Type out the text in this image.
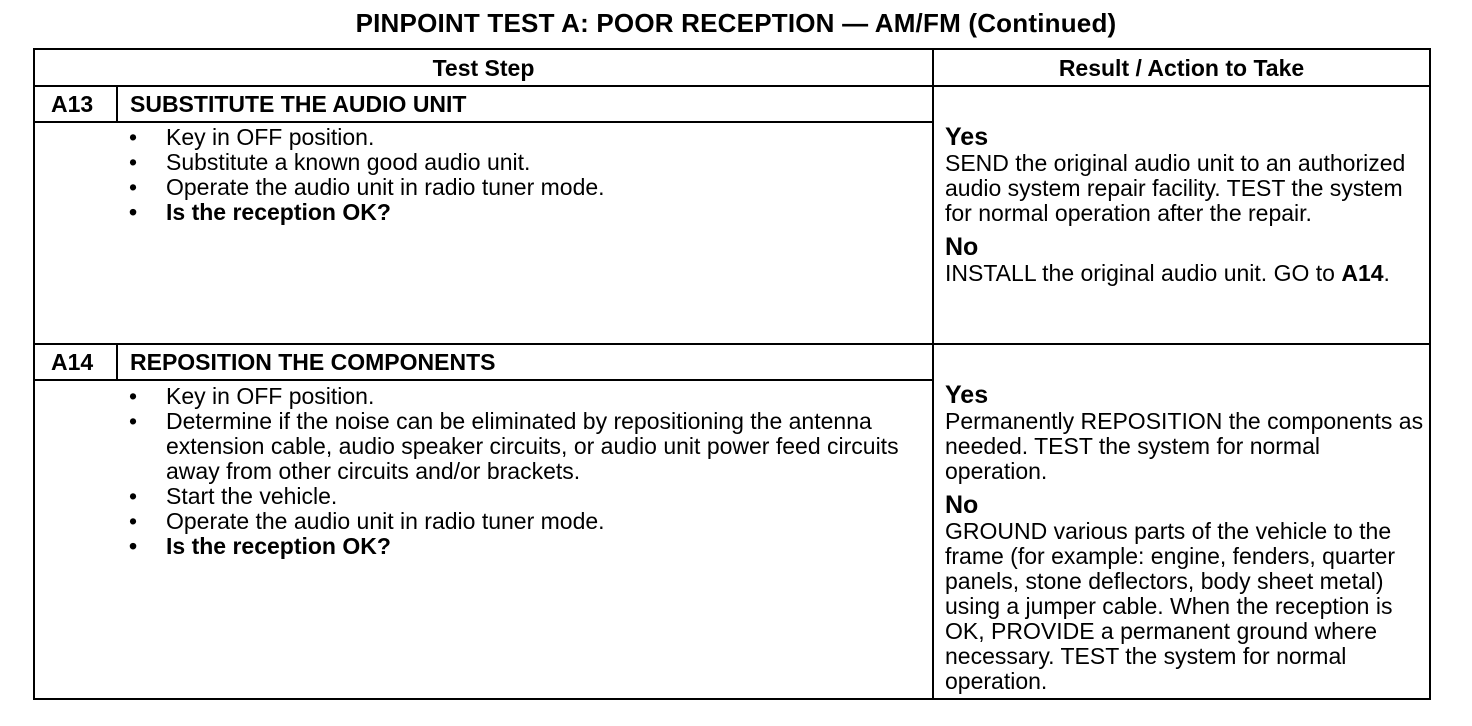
PINPOINT TEST A: POOR RECEPTION — AM/FM (Continued)
Test Step	Result / Action to Take
A13 SUBSTITUTE THE AUDIO UNIT
• Key in OFF position.
• Substitute a known good audio unit.
• Operate the audio unit in radio tuner mode.
• Is the reception OK?
Yes
SEND the original audio unit to an authorized audio system repair facility. TEST the system for normal operation after the repair.
No
INSTALL the original audio unit. GO to A14.
A14 REPOSITION THE COMPONENTS
• Key in OFF position.
• Determine if the noise can be eliminated by repositioning the antenna extension cable, audio speaker circuits, or audio unit power feed circuits away from other circuits and/or brackets.
• Start the vehicle.
• Operate the audio unit in radio tuner mode.
• Is the reception OK?
Yes
Permanently REPOSITION the components as needed. TEST the system for normal operation.
No
GROUND various parts of the vehicle to the frame (for example: engine, fenders, quarter panels, stone deflectors, body sheet metal) using a jumper cable. When the reception is OK, PROVIDE a permanent ground where necessary. TEST the system for normal operation.
